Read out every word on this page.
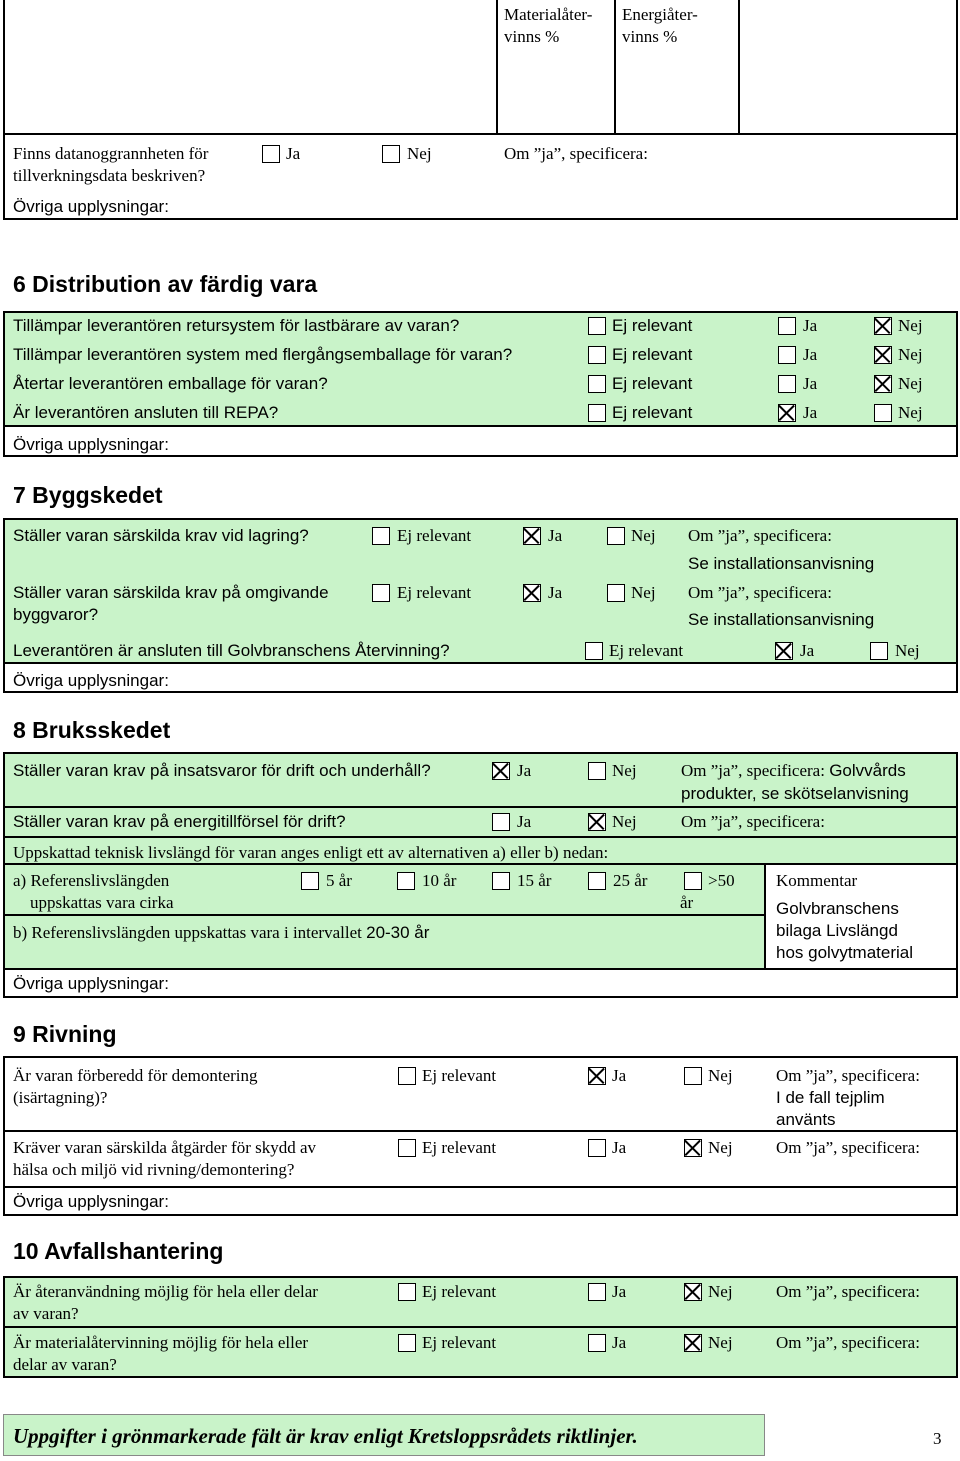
Materialåter-
vinns %
Energiåter-
vinns %
Finns datanoggrannheten för
tillverkningsdata beskriven?
Ja	Nej	Om ”ja”, specificera:
Övriga upplysningar:
6 Distribution av färdig vara
Tillämpar leverantören retursystem för lastbärare av varan?	Ej relevant	Ja	Nej
Tillämpar leverantören system med flergångsemballage för varan?	Ej relevant	Ja	Nej
Återtar leverantören emballage för varan?	Ej relevant	Ja	Nej
Är leverantören ansluten till REPA?	Ej relevant	Ja	Nej
Övriga upplysningar:
7 Byggskedet
Ställer varan särskilda krav vid lagring?	Ej relevant	Ja	Nej Om ”ja”, specificera:
Se installationsanvisning
Ställer varan särskilda krav på omgivande
byggvaror?
Ej relevant	Ja	Nej Om ”ja”, specificera:
Se installationsanvisning
Leverantören är ansluten till Golvbranschens Återvinning?	Ej relevant	Ja	Nej
Övriga upplysningar:
8 Bruksskedet
Ställer varan krav på insatsvaror för drift och underhåll?	Ja	Nej	Om ”ja”, specificera: Golvvårds
produkter, se skötselanvisning
Ställer varan krav på energitillförsel för drift?	Ja	Nej	Om ”ja”, specificera:
Uppskattad teknisk livslängd för varan anges enligt ett av alternativen a) eller b) nedan:
a) Referenslivslängden
uppskattas vara cirka
5 år	10 år	15 år	25 år	>50
år
b) Referenslivslängden uppskattas vara i intervallet 20-30 år
Kommentar
Golvbranschens
bilaga Livslängd
hos golvytmaterial
Övriga upplysningar:
9 Rivning
Är varan förberedd för demontering
(isärtagning)?
Ej relevant	Ja	Nej	Om ”ja”, specificera:
I de fall tejplim
använts
Kräver varan särskilda åtgärder för skydd av
hälsa och miljö vid rivning/demontering?
Ej relevant	Ja	Nej	Om ”ja”, specificera:
Övriga upplysningar:
10 Avfallshantering
Är återanvändning möjlig för hela eller delar
av varan?
Ej relevant	Ja	Nej	Om ”ja”, specificera:
Är materialåtervinning möjlig för hela eller
delar av varan?
Ej relevant	Ja	Nej	Om ”ja”, specificera:
Uppgifter i grönmarkerade fält är krav enligt Kretsloppsrådets riktlinjer.	3
